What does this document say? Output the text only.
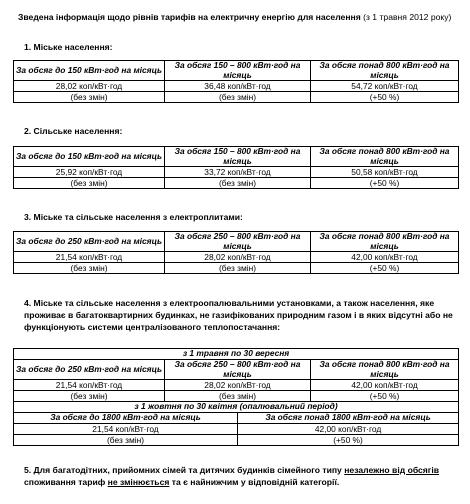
Зведена інформація щодо рівнів тарифів на електричну енергію для населення (з 1 травня 2012 року)
1. Міське населення:
За обсяг до 150 кВт·год на місяць	За обсяг 150 – 800 кВт·год на місяць	За обсяг понад 800 кВт·год на місяць
28,02 коп/кВт·год	36,48 коп/кВт·год	54,72 коп/кВт·год
(без змін)	(без змін)	(+50 %)
2. Сільське населення:
За обсяг до 150 кВт·год на місяць	За обсяг 150 – 800 кВт·год на місяць	За обсяг понад 800 кВт·год на місяць
25,92 коп/кВт·год	33,72 коп/кВт·год	50,58 коп/кВт·год
(без змін)	(без змін)	(+50 %)
3. Міське та сільське населення з електроплитами:
За обсяг до 250 кВт·год на місяць	За обсяг 250 – 800 кВт·год на місяць	За обсяг понад 800 кВт·год на місяць
21,54 коп/кВт·год	28,02 коп/кВт·год	42,00 коп/кВт·год
(без змін)	(без змін)	(+50 %)
4. Міське та сільське населення з електроопалювальними установками, а також населення, яке проживає в багатоквартирних будинках, не газифікованих природним газом і в яких відсутні або не функціонують системи централізованого теплопостачання:
з 1 травня по 30 вересня			
За обсяг до 250 кВт·год на місяць	За обсяг 250 – 800 кВт·год на місяць		За обсяг понад 800 кВт·год на місяць
21,54 коп/кВт·год	28,02 коп/кВт·год		42,00 коп/кВт·год
(без змін)	(без змін)		(+50 %)
з 1 жовтня по 30 квітня (опалювальний період)			
За обсяг до 1800 кВт·год на місяць		За обсяг понад 1800 кВт·год на місяць	
21,54 коп/кВт·год		42,00 коп/кВт·год	
(без змін)		(+50 %)	
5. Для багатодітних, прийомних сімей та дитячих будинків сімейного типу незалежно від обсягів споживання тариф не змінюється та є найнижчим у відповідній категорії.
